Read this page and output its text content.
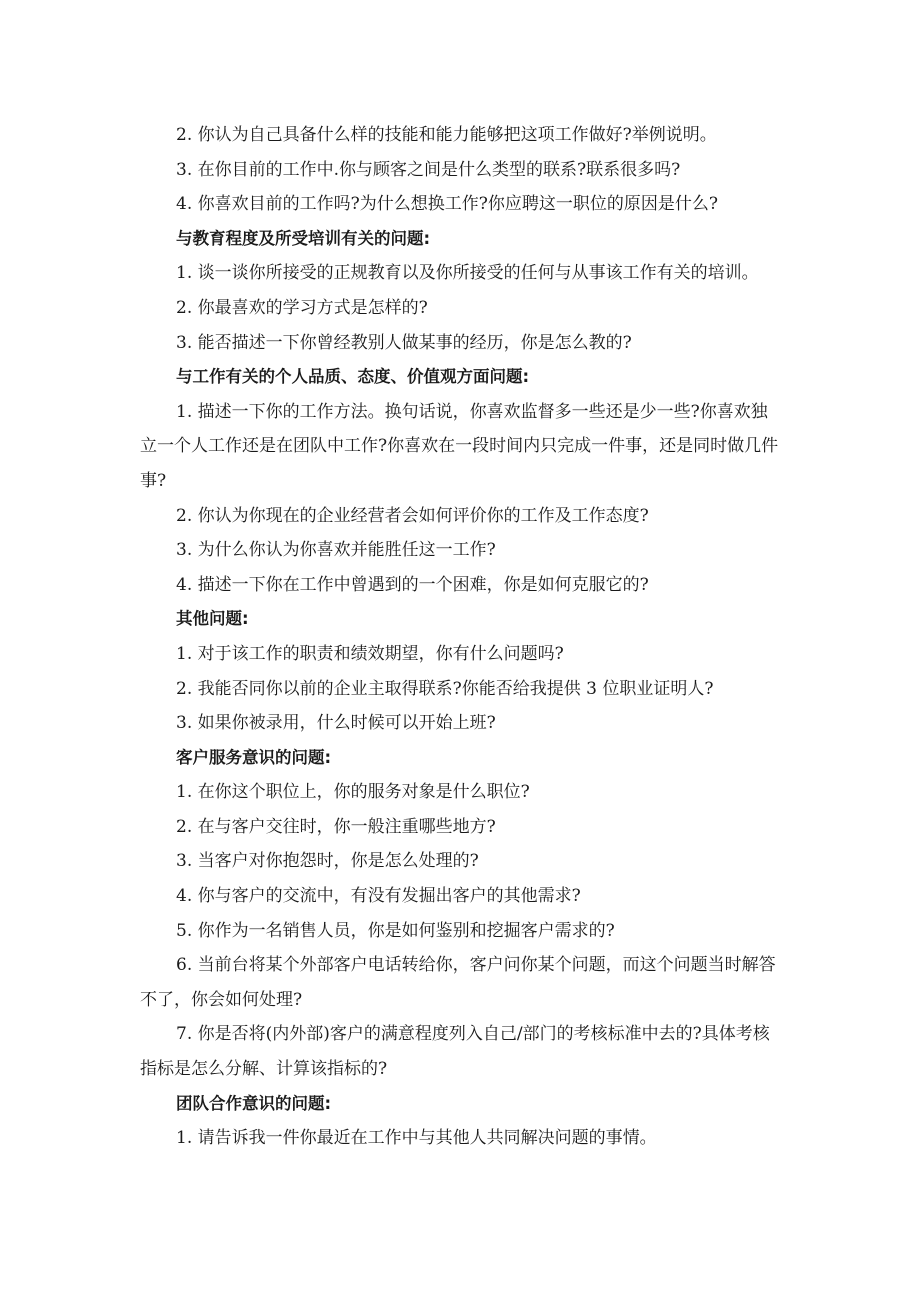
2. 你认为自己具备什么样的技能和能力能够把这项工作做好?举例说明。

3. 在你目前的工作中.你与顾客之间是什么类型的联系?联系很多吗?

4. 你喜欢目前的工作吗?为什么想换工作?你应聘这一职位的原因是什么?

与教育程度及所受培训有关的问题:

1. 谈一谈你所接受的正规教育以及你所接受的任何与从事该工作有关的培训。

2. 你最喜欢的学习方式是怎样的?

3. 能否描述一下你曾经教别人做某事的经历，你是怎么教的?

与工作有关的个人品质、态度、价值观方面问题:

1. 描述一下你的工作方法。换句话说，你喜欢监督多一些还是少一些?你喜欢独立一个人工作还是在团队中工作?你喜欢在一段时间内只完成一件事，还是同时做几件事?

2. 你认为你现在的企业经营者会如何评价你的工作及工作态度?

3. 为什么你认为你喜欢并能胜任这一工作?

4. 描述一下你在工作中曾遇到的一个困难，你是如何克服它的?

其他问题:

1. 对于该工作的职责和绩效期望，你有什么问题吗?

2. 我能否同你以前的企业主取得联系?你能否给我提供 3 位职业证明人?

3. 如果你被录用，什么时候可以开始上班?

客户服务意识的问题:

1. 在你这个职位上，你的服务对象是什么职位?

2. 在与客户交往时，你一般注重哪些地方?

3. 当客户对你抱怨时，你是怎么处理的?

4. 你与客户的交流中，有没有发掘出客户的其他需求?

5. 你作为一名销售人员，你是如何鉴别和挖掘客户需求的?

6. 当前台将某个外部客户电话转给你，客户问你某个问题，而这个问题当时解答不了，你会如何处理?

7. 你是否将(内外部)客户的满意程度列入自己/部门的考核标准中去的?具体考核指标是怎么分解、计算该指标的?

团队合作意识的问题:

1. 请告诉我一件你最近在工作中与其他人共同解决问题的事情。
